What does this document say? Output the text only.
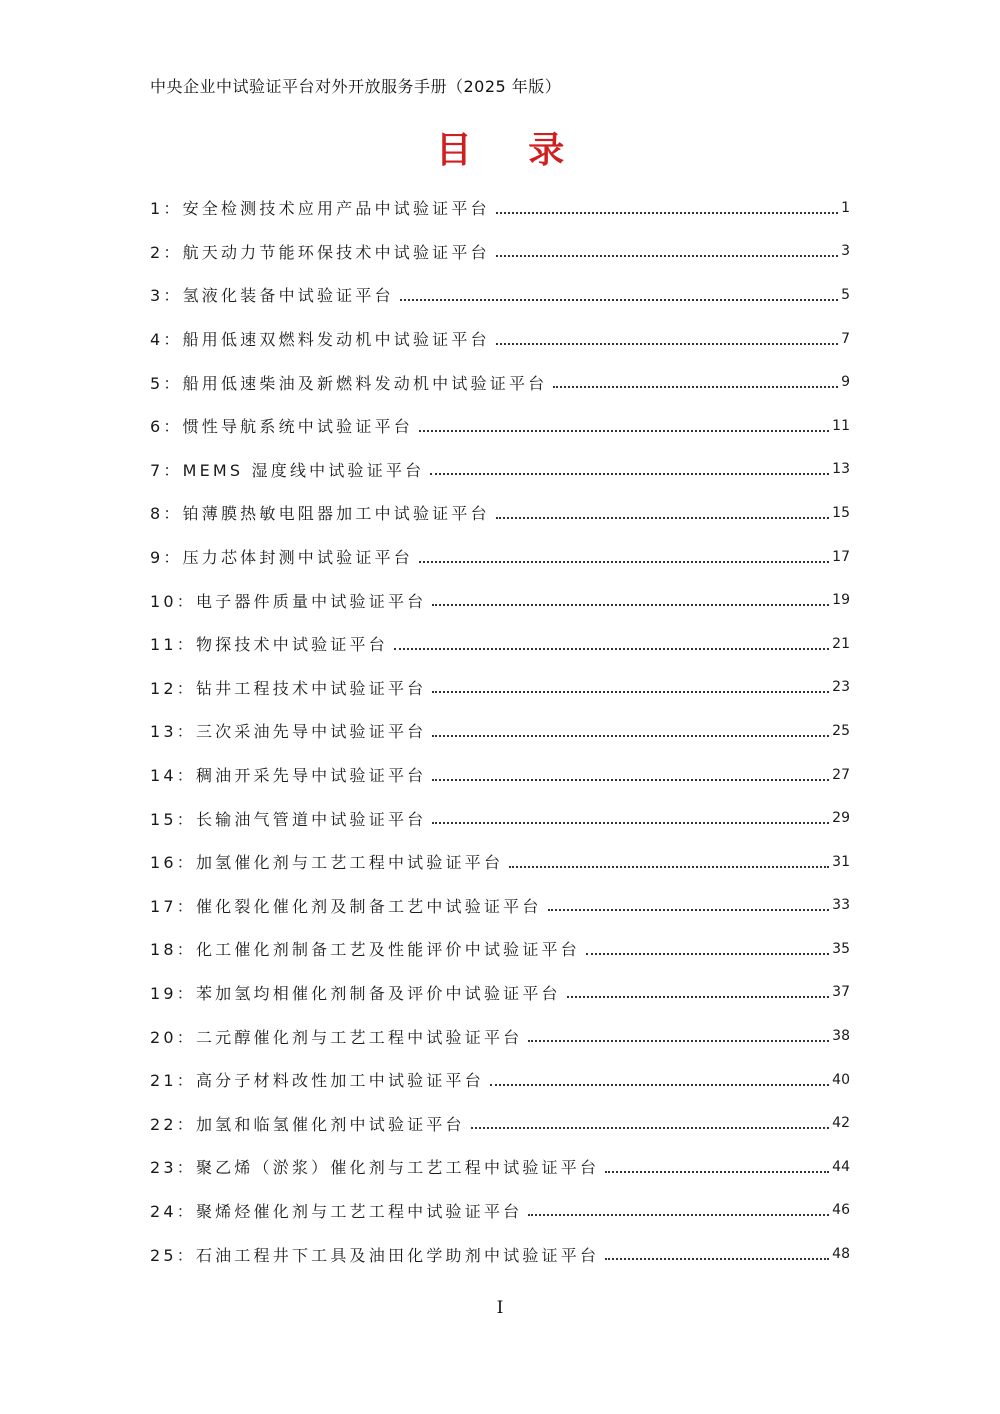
中央企业中试验证平台对外开放服务手册（2025 年版）
目 录
1：安全检测技术应用产品中试验证平台	1
2：航天动力节能环保技术中试验证平台	3
3：氢液化装备中试验证平台	5
4：船用低速双燃料发动机中试验证平台	7
5：船用低速柴油及新燃料发动机中试验证平台	9
6：惯性导航系统中试验证平台	11
7：MEMS 湿度线中试验证平台	13
8：铂薄膜热敏电阻器加工中试验证平台	15
9：压力芯体封测中试验证平台	17
10：电子器件质量中试验证平台	19
11：物探技术中试验证平台	21
12：钻井工程技术中试验证平台	23
13：三次采油先导中试验证平台	25
14：稠油开采先导中试验证平台	27
15：长输油气管道中试验证平台	29
16：加氢催化剂与工艺工程中试验证平台	31
17：催化裂化催化剂及制备工艺中试验证平台	33
18：化工催化剂制备工艺及性能评价中试验证平台	35
19：苯加氢均相催化剂制备及评价中试验证平台	37
20：二元醇催化剂与工艺工程中试验证平台	38
21：高分子材料改性加工中试验证平台	40
22：加氢和临氢催化剂中试验证平台	42
23：聚乙烯（淤浆）催化剂与工艺工程中试验证平台	44
24：聚烯烃催化剂与工艺工程中试验证平台	46
25：石油工程井下工具及油田化学助剂中试验证平台	48
I
